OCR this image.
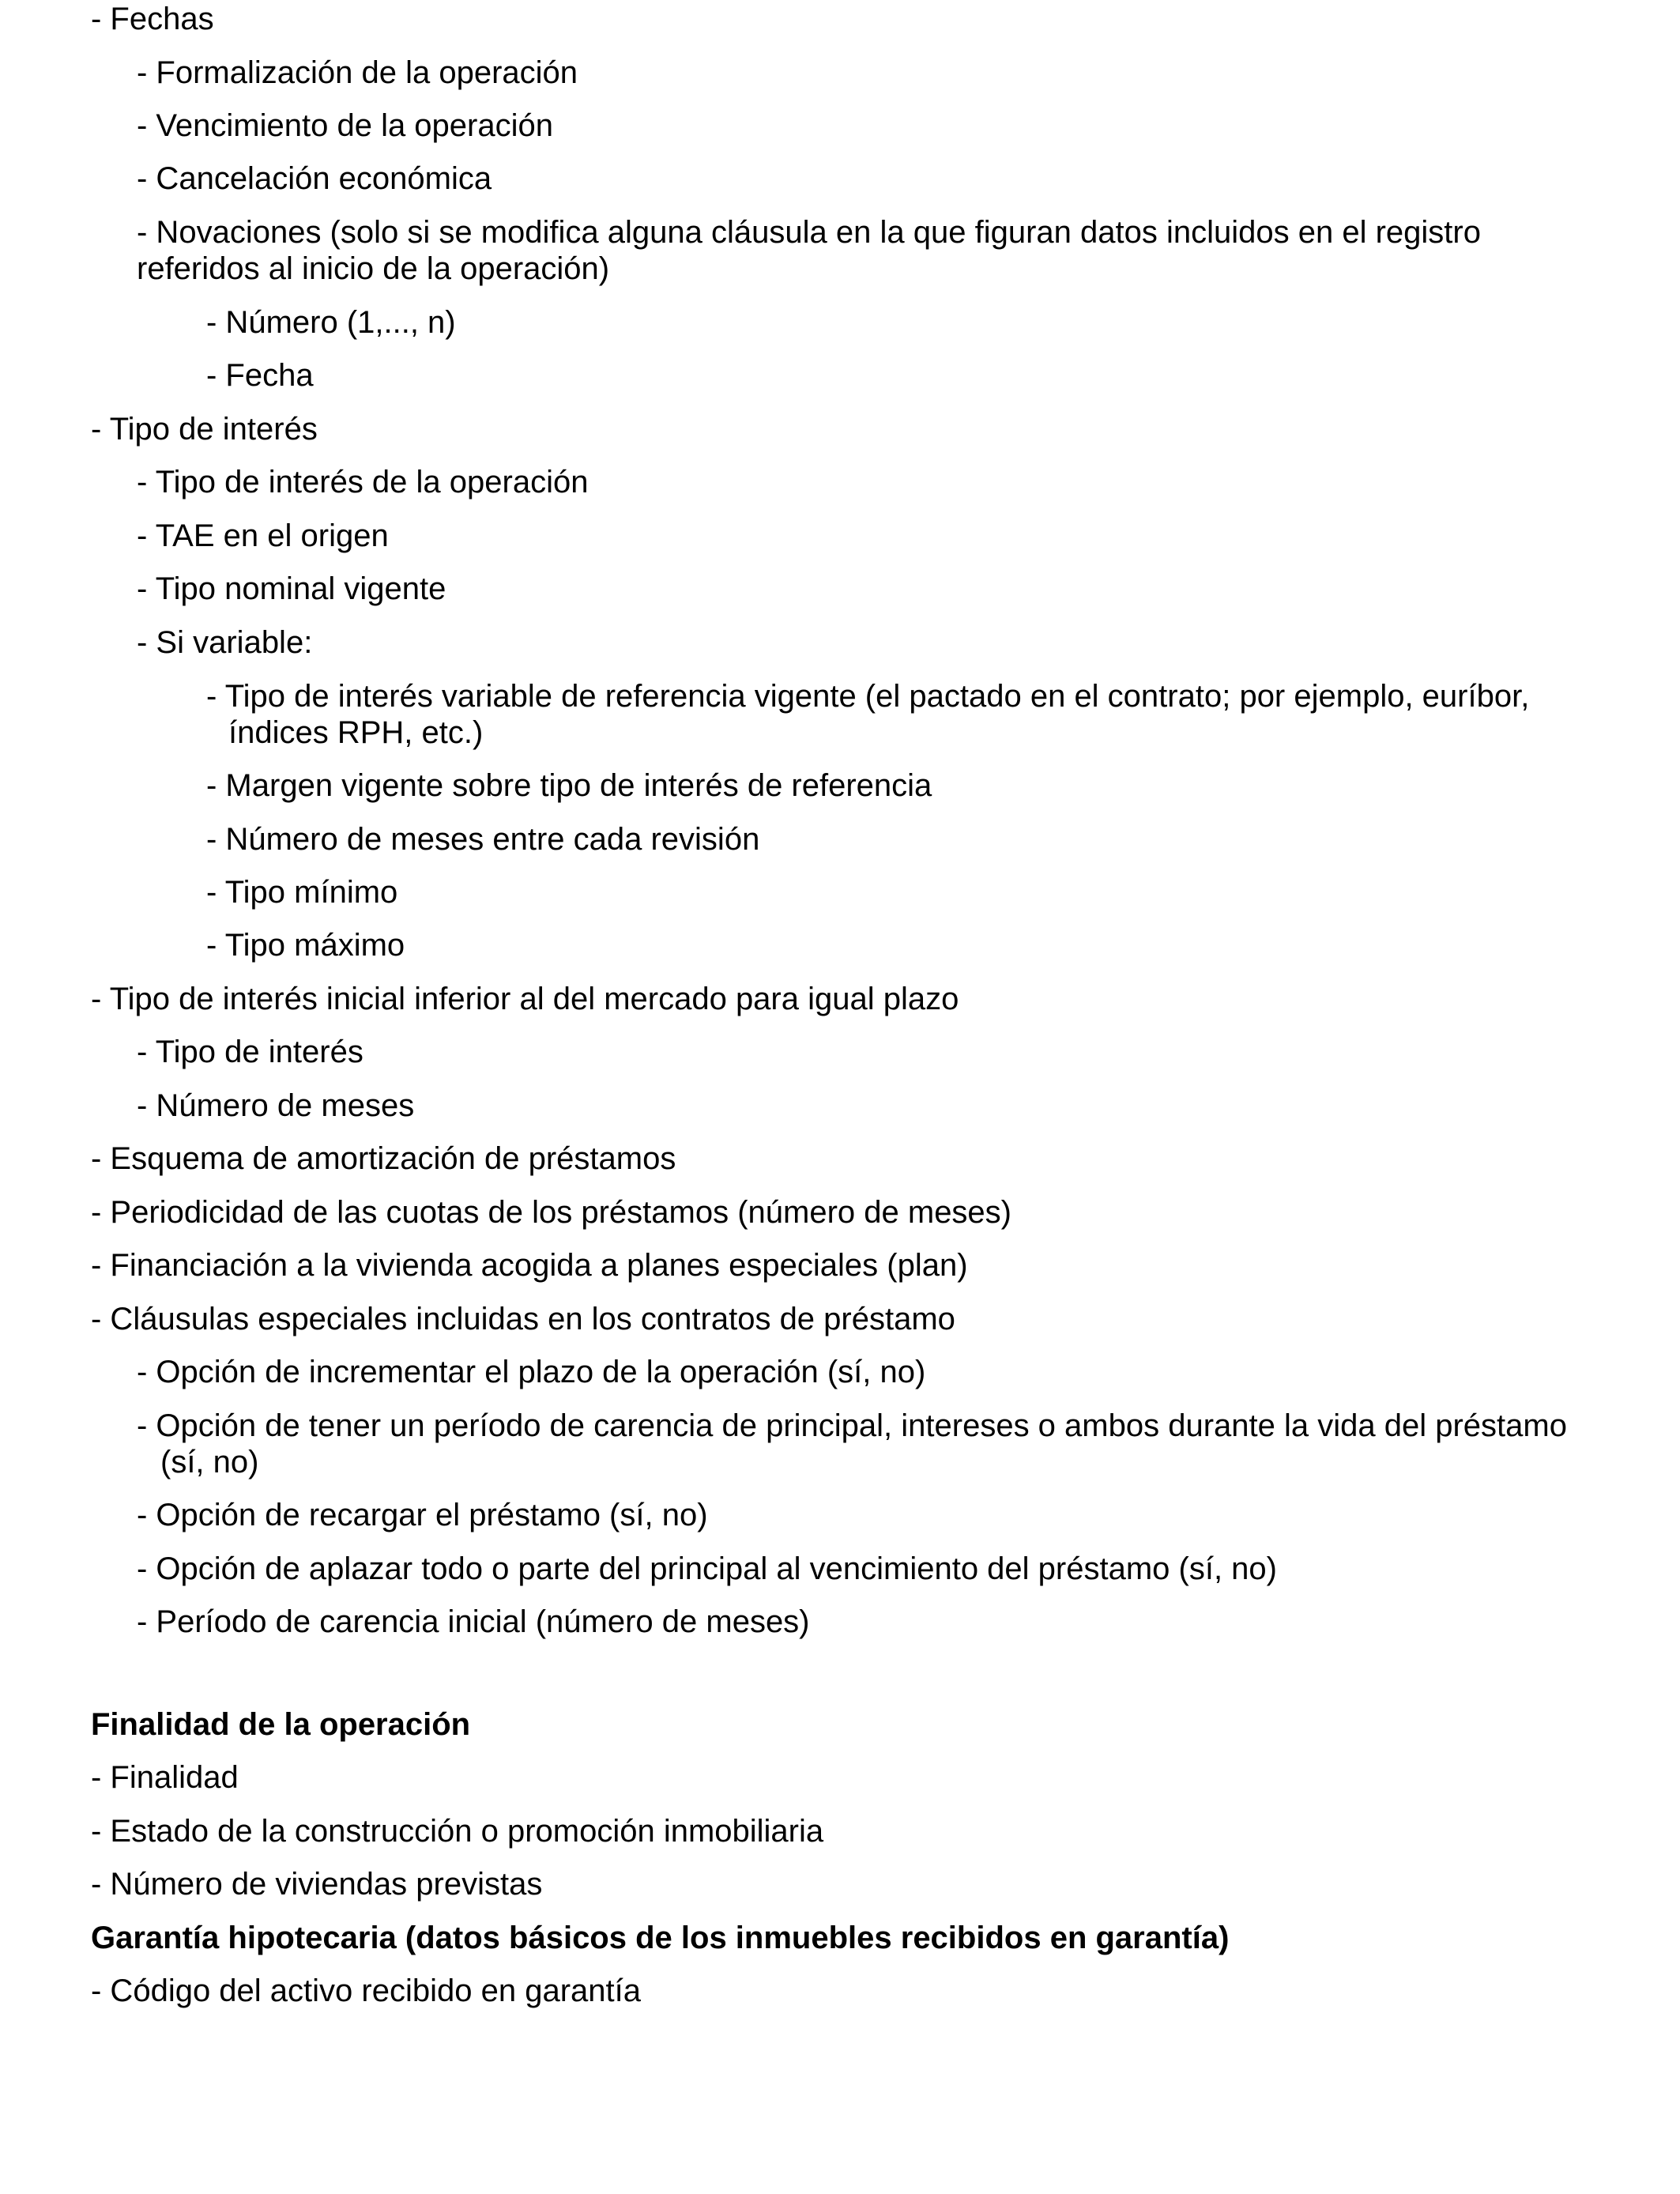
- Fechas
- Formalización de la operación
- Vencimiento de la operación
- Cancelación económica
- Novaciones (solo si se modifica alguna cláusula en la que figuran datos incluidos en el registro
referidos al inicio de la operación)
- Número (1,..., n)
- Fecha
- Tipo de interés
- Tipo de interés de la operación
- TAE en el origen
- Tipo nominal vigente
- Si variable:
- Tipo de interés variable de referencia vigente (el pactado en el contrato; por ejemplo, euríbor,
índices RPH, etc.)
- Margen vigente sobre tipo de interés de referencia
- Número de meses entre cada revisión
- Tipo mínimo
- Tipo máximo
- Tipo de interés inicial inferior al del mercado para igual plazo
- Tipo de interés
- Número de meses
- Esquema de amortización de préstamos
- Periodicidad de las cuotas de los préstamos (número de meses)
- Financiación a la vivienda acogida a planes especiales (plan)
- Cláusulas especiales incluidas en los contratos de préstamo
- Opción de incrementar el plazo de la operación (sí, no)
- Opción de tener un período de carencia de principal, intereses o ambos durante la vida del préstamo
(sí, no)
- Opción de recargar el préstamo (sí, no)
- Opción de aplazar todo o parte del principal al vencimiento del préstamo (sí, no)
- Período de carencia inicial (número de meses)
Finalidad de la operación
- Finalidad
- Estado de la construcción o promoción inmobiliaria
- Número de viviendas previstas
Garantía hipotecaria (datos básicos de los inmuebles recibidos en garantía)
- Código del activo recibido en garantía
